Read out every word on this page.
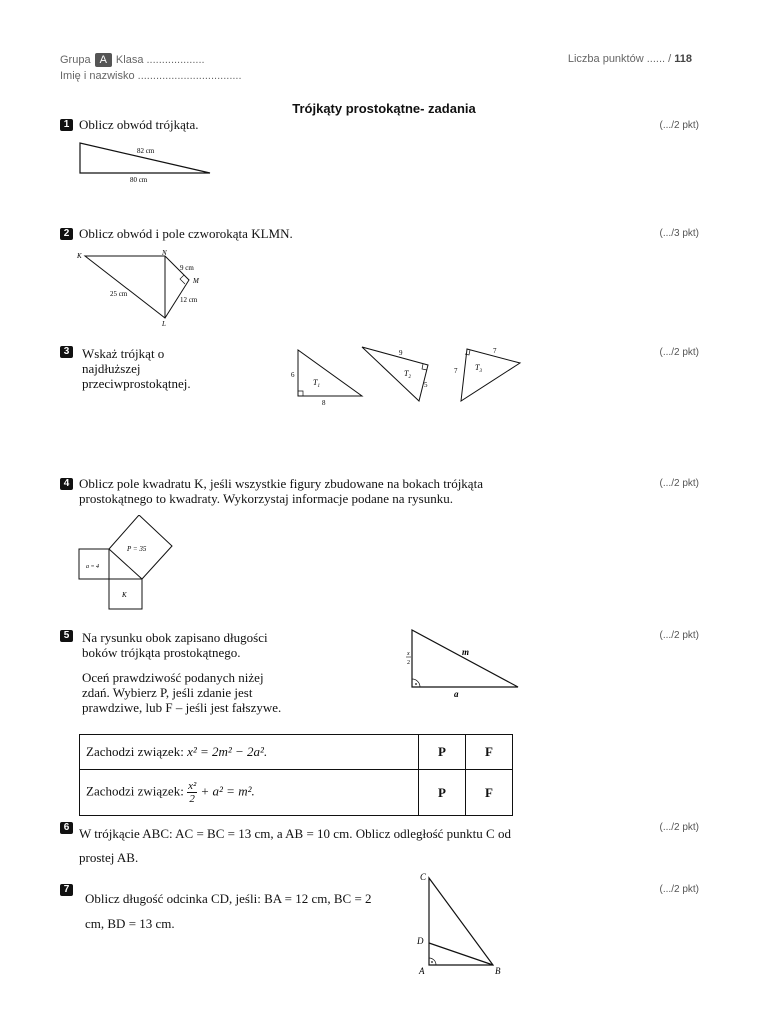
Grupa A Klasa ...................
Imię i nazwisko ..................................
Liczba punktów ...... / 118
Trójkąty prostokątne- zadania
1 Oblicz obwód trójkąta.	(.../2 pkt)
82 cm
80 cm
2 Oblicz obwód i pole czworokąta KLMN.	(.../3 pkt)
K	N
M
L
9 cm
12 cm
25 cm
3 Wskaż trójkąt o
najdłuższej
przeciwprostokątnej.
(.../2 pkt)
$T_1$
6
8
$T_2$
9
5
$T_3$
7
7
4 Oblicz pole kwadratu K, jeśli wszystkie figury zbudowane na bokach trójkąta
prostokątnego to kwadraty. Wykorzystaj informacje podane na rysunku.
(.../2 pkt)
P = 35
a = 4
K
5 Na rysunku obok zapisano długości
boków trójkąta prostokątnego.
Oceń prawdziwość podanych niżej
zdań. Wybierz P, jeśli zdanie jest
prawdziwe, lub F – jeśli jest fałszywe.
(.../2 pkt)
m
a
x
2
Zachodzi związek: x² = 2m² − 2a².	P	F
Zachodzi związek: $\frac{\text{x²}}{2} + a^2 = m^2$.	P	F
6 W trójkącie ABC: AC = BC = 13 cm, a AB = 10 cm. Oblicz odległość punktu C od
prostej AB.
(.../2 pkt)
7
Oblicz długość odcinka CD, jeśli: BA = 12 cm, BC = 2
cm, BD = 13 cm.
(.../2 pkt)
C
D
A	B
